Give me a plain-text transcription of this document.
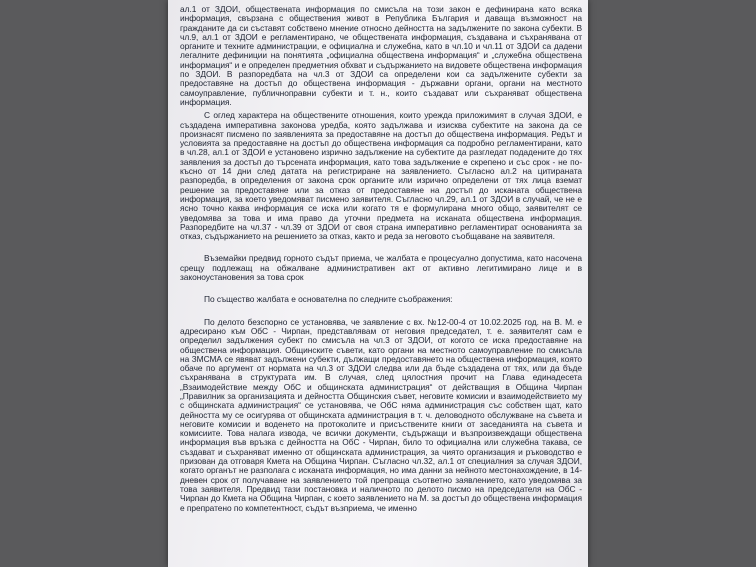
ал.1 от ЗДОИ, обществената информация по смисъла на този закон е дефинирана като всяка информация, свързана с обществения живот в Република България и даваща възможност на гражданите да си съставят собствено мнение относно дейността на задължените по закона субекти. В чл.9, ал.1 от ЗДОИ е регламентирано, че обществената информация, създавана и съхранявана от органите и техните администрации, е официална и служебна, като в чл.10 и чл.11 от ЗДОИ са дадени легалните дефиниции на понятията „официална обществена информация“ и „служебна обществена информация“ и е определен предметния обхват и съдържанието на видовете обществена информация по ЗДОИ. В разпоредбата на чл.3 от ЗДОИ са определени кои са задължените субекти за предоставяне на достъп до обществена информация - държавни органи, органи на местното самоуправление, публичноправни субекти и т. н., които създават или съхраняват обществена информация.

С оглед характера на обществените отношения, които урежда приложимият в случая ЗДОИ, е създадена императивна законова уредба, която задължава и изисква субектите на закона да се произнасят писмено по заявленията за предоставяне на достъп до обществена информация. Редът и условията за предоставяне на достъп до обществена информация са подробно регламентирани, като в чл.28, ал.1 от ЗДОИ е установено изрично задължение на субектите да разгледат подадените до тях заявления за достъп до търсената информация, като това задължение е скрепено и със срок - не по-късно от 14 дни след датата на регистриране на заявлението. Съгласно ал.2 на цитираната разпоредба, в определения от закона срок органите или изрично определени от тях лица вземат решение за предоставяне или за отказ от предоставяне на достъп до исканата обществена информация, за което уведомяват писмено заявителя. Съгласно чл.29, ал.1 от ЗДОИ в случай, че не е ясно точно каква информация се иска или когато тя е формулирана много общо, заявителят се уведомява за това и има право да уточни предмета на исканата обществена информация. Разпоредбите на чл.37 - чл.39 от ЗДОИ от своя страна императивно регламентират основанията за отказ, съдържанието на решението за отказ, както и реда за неговото съобщаване на заявителя.

Въземайки предвид горното съдът приема, че жалбата е процесуално допустима, като насочена срещу подлежащ на обжалване административен акт от активно легитимирано лице и в законоустановения за това срок

По същество жалбата е основателна по следните съображения:

По делото безспорно се установява, че заявление с вх. №12-00-4 от 10.02.2025 год. на В. М. е адресирано към ОбС - Чирпан, представлявам от неговия председател, т. е. заявителят сам е определил задължения субект по смисъла на чл.3 от ЗДОИ, от когото се иска предоставяне на обществена информация. Общинските съвети, като органи на местното самоуправление по смисъла на ЗМСМА се явяват задължени субекти, дължащи предоставянето на обществена информация, която обаче по аргумент от нормата на чл.3 от ЗДОИ следва или да бъде създадена от тях, или да бъде съхранявана в структурата им. В случая, след цялостния прочит на Глава единадесета „Взаимодействие между ОбС и общинската администрация“ от действащия в Община Чирпан „Правилник за организацията и дейността Общинския съвет, неговите комисии и взаимодействието му с общинската администрация“ се установява, че ОбС няма администрация със собствен щат, като дейността му се осигурява от общинската администрация в т. ч. деловодното обслужване на съвета и неговите комисии и воденето на протоколите и присъствените книги от заседанията на съвета и комисиите. Това налага извода, че всички документи, съдържащи и възпроизвеждащи обществена информация във връзка с дейността на ОбС - Чирпан, било то официална или служебна такава, се създават и съхраняват именно от общинската администрация, за чиято организация и ръководство е призован да отговаря Кмета на Община Чирпан. Съгласно чл.32, ал.1 от специалния за случая ЗДОИ, когато органът не разполага с исканата информация, но има данни за нейното местонахождение, в 14-дневен срок от получаване на заявлението той препраща съответно заявлението, като уведомява за това заявителя. Предвид тази постановка и наличното по делото писмо на председателя на ОбС - Чирпан до Кмета на Община Чирпан, с което заявлението на М. за достъп до обществена информация е препратено по компетентност, съдът възприема, че именно
